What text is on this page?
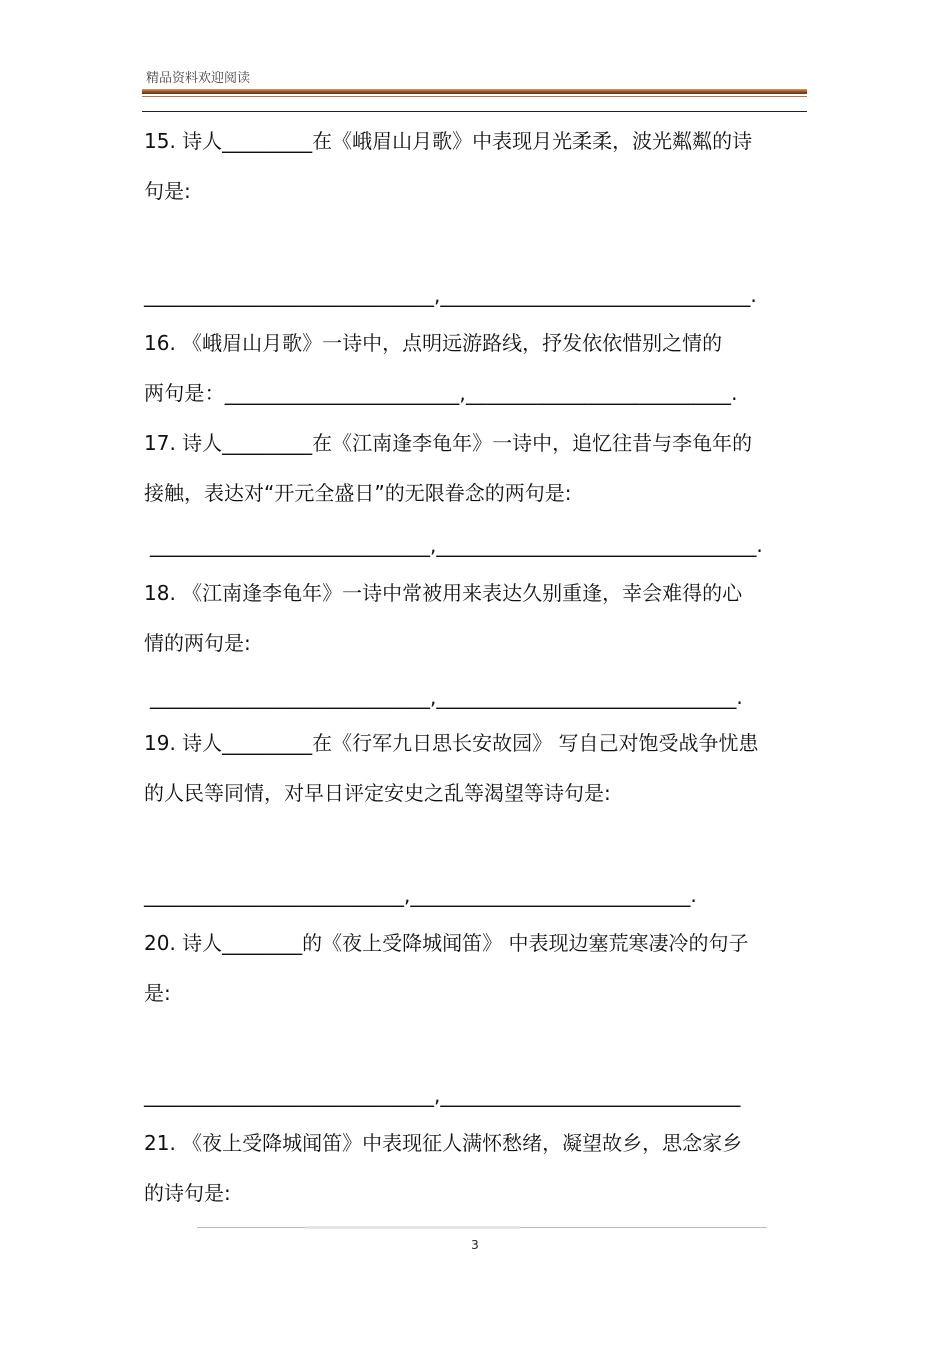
精品资料欢迎阅读
15. 诗人_________在《峨眉山月歌》中表现月光柔柔，波光粼粼的诗
句是:
_____________________________,_______________________________.
16. 《峨眉山月歌》一诗中，点明远游路线，抒发依依惜别之情的
两句是：_______________________,__________________________.
17. 诗人_________在《江南逢李龟年》一诗中，追忆往昔与李龟年的
接触，表达对“开元全盛日”的无限眷念的两句是:
____________________________,________________________________.
18. 《江南逢李龟年》一诗中常被用来表达久别重逢，幸会难得的心
情的两句是:
____________________________,______________________________.
19. 诗人_________在《行军九日思长安故园》 写自己对饱受战争忧患
的人民等同情，对早日评定安史之乱等渴望等诗句是:
__________________________,____________________________.
20. 诗人________的《夜上受降城闻笛》 中表现边塞荒寒凄冷的句子
是:
_____________________________,______________________________
21. 《夜上受降城闻笛》中表现征人满怀愁绪，凝望故乡，思念家乡
的诗句是:
3
